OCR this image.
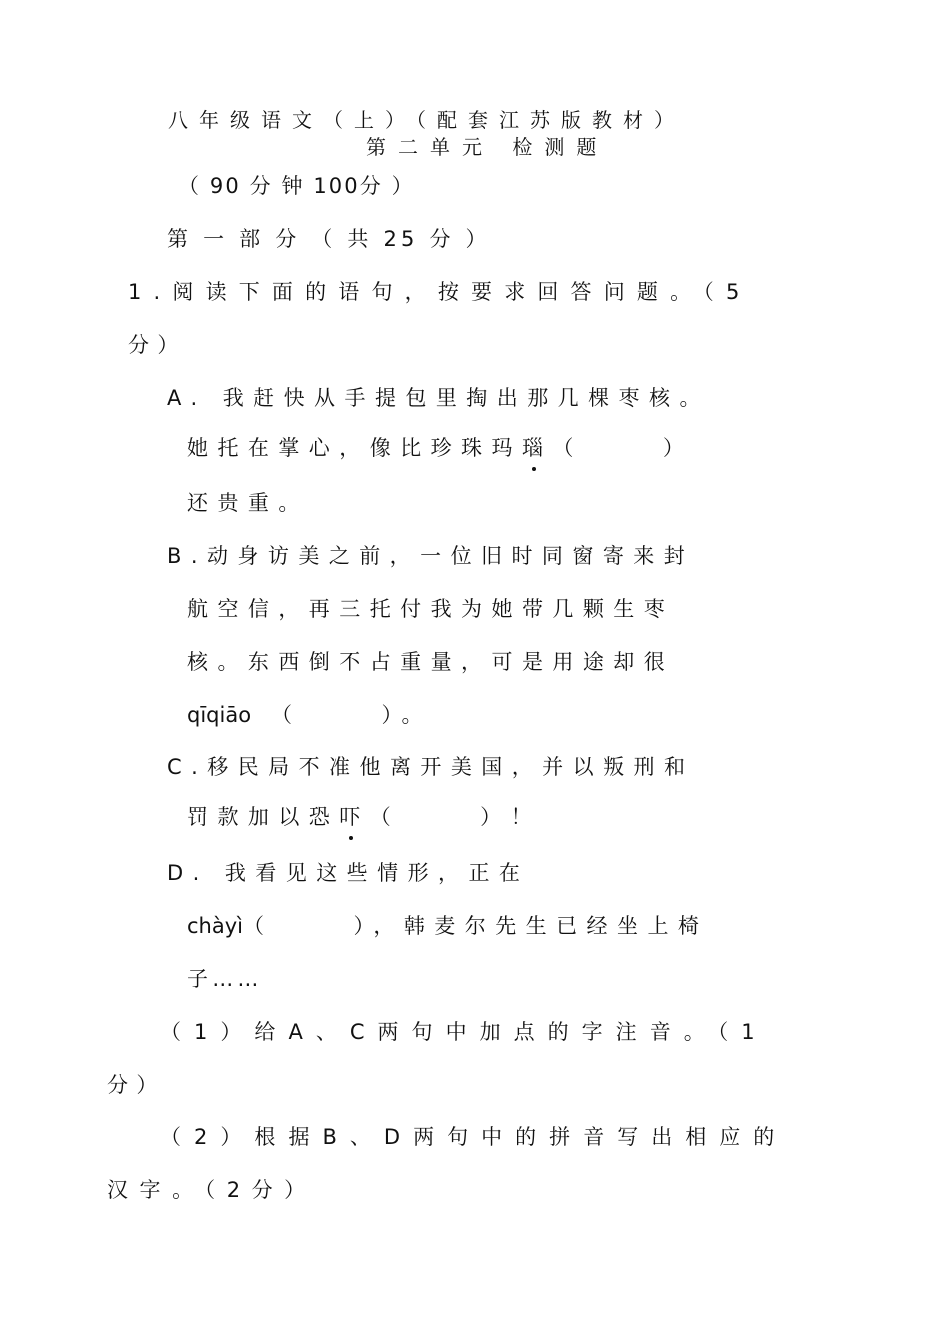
八年级语文（上）（配套江苏版教材）
第二单元 检测题
（ 90 分 钟 100分 ）
第 一 部 分 （ 共 25 分 ）
1.阅读下面的语句，按要求回答问题。（5
分）
A. 我赶快从手提包里掏出那几棵枣核。
她托在掌心，像比珍珠玛瑙（	）
还贵重。
B.动身访美之前，一位旧时同窗寄来封
航空信，再三托付我为她带几颗生枣
核。东西倒不占重量，可是用途却很
qīqiāo （	）。
C.移民局不准他离开美国，并以叛刑和
罚款加以恐吓（	）！
D. 我看见这些情形，正在
chàyì（	），韩麦尔先生已经坐上椅
子……
（1）给A、C两句中加点的字注音。（1
分）
（2）根据B、D两句中的拼音写出相应的
汉字。（2分）
